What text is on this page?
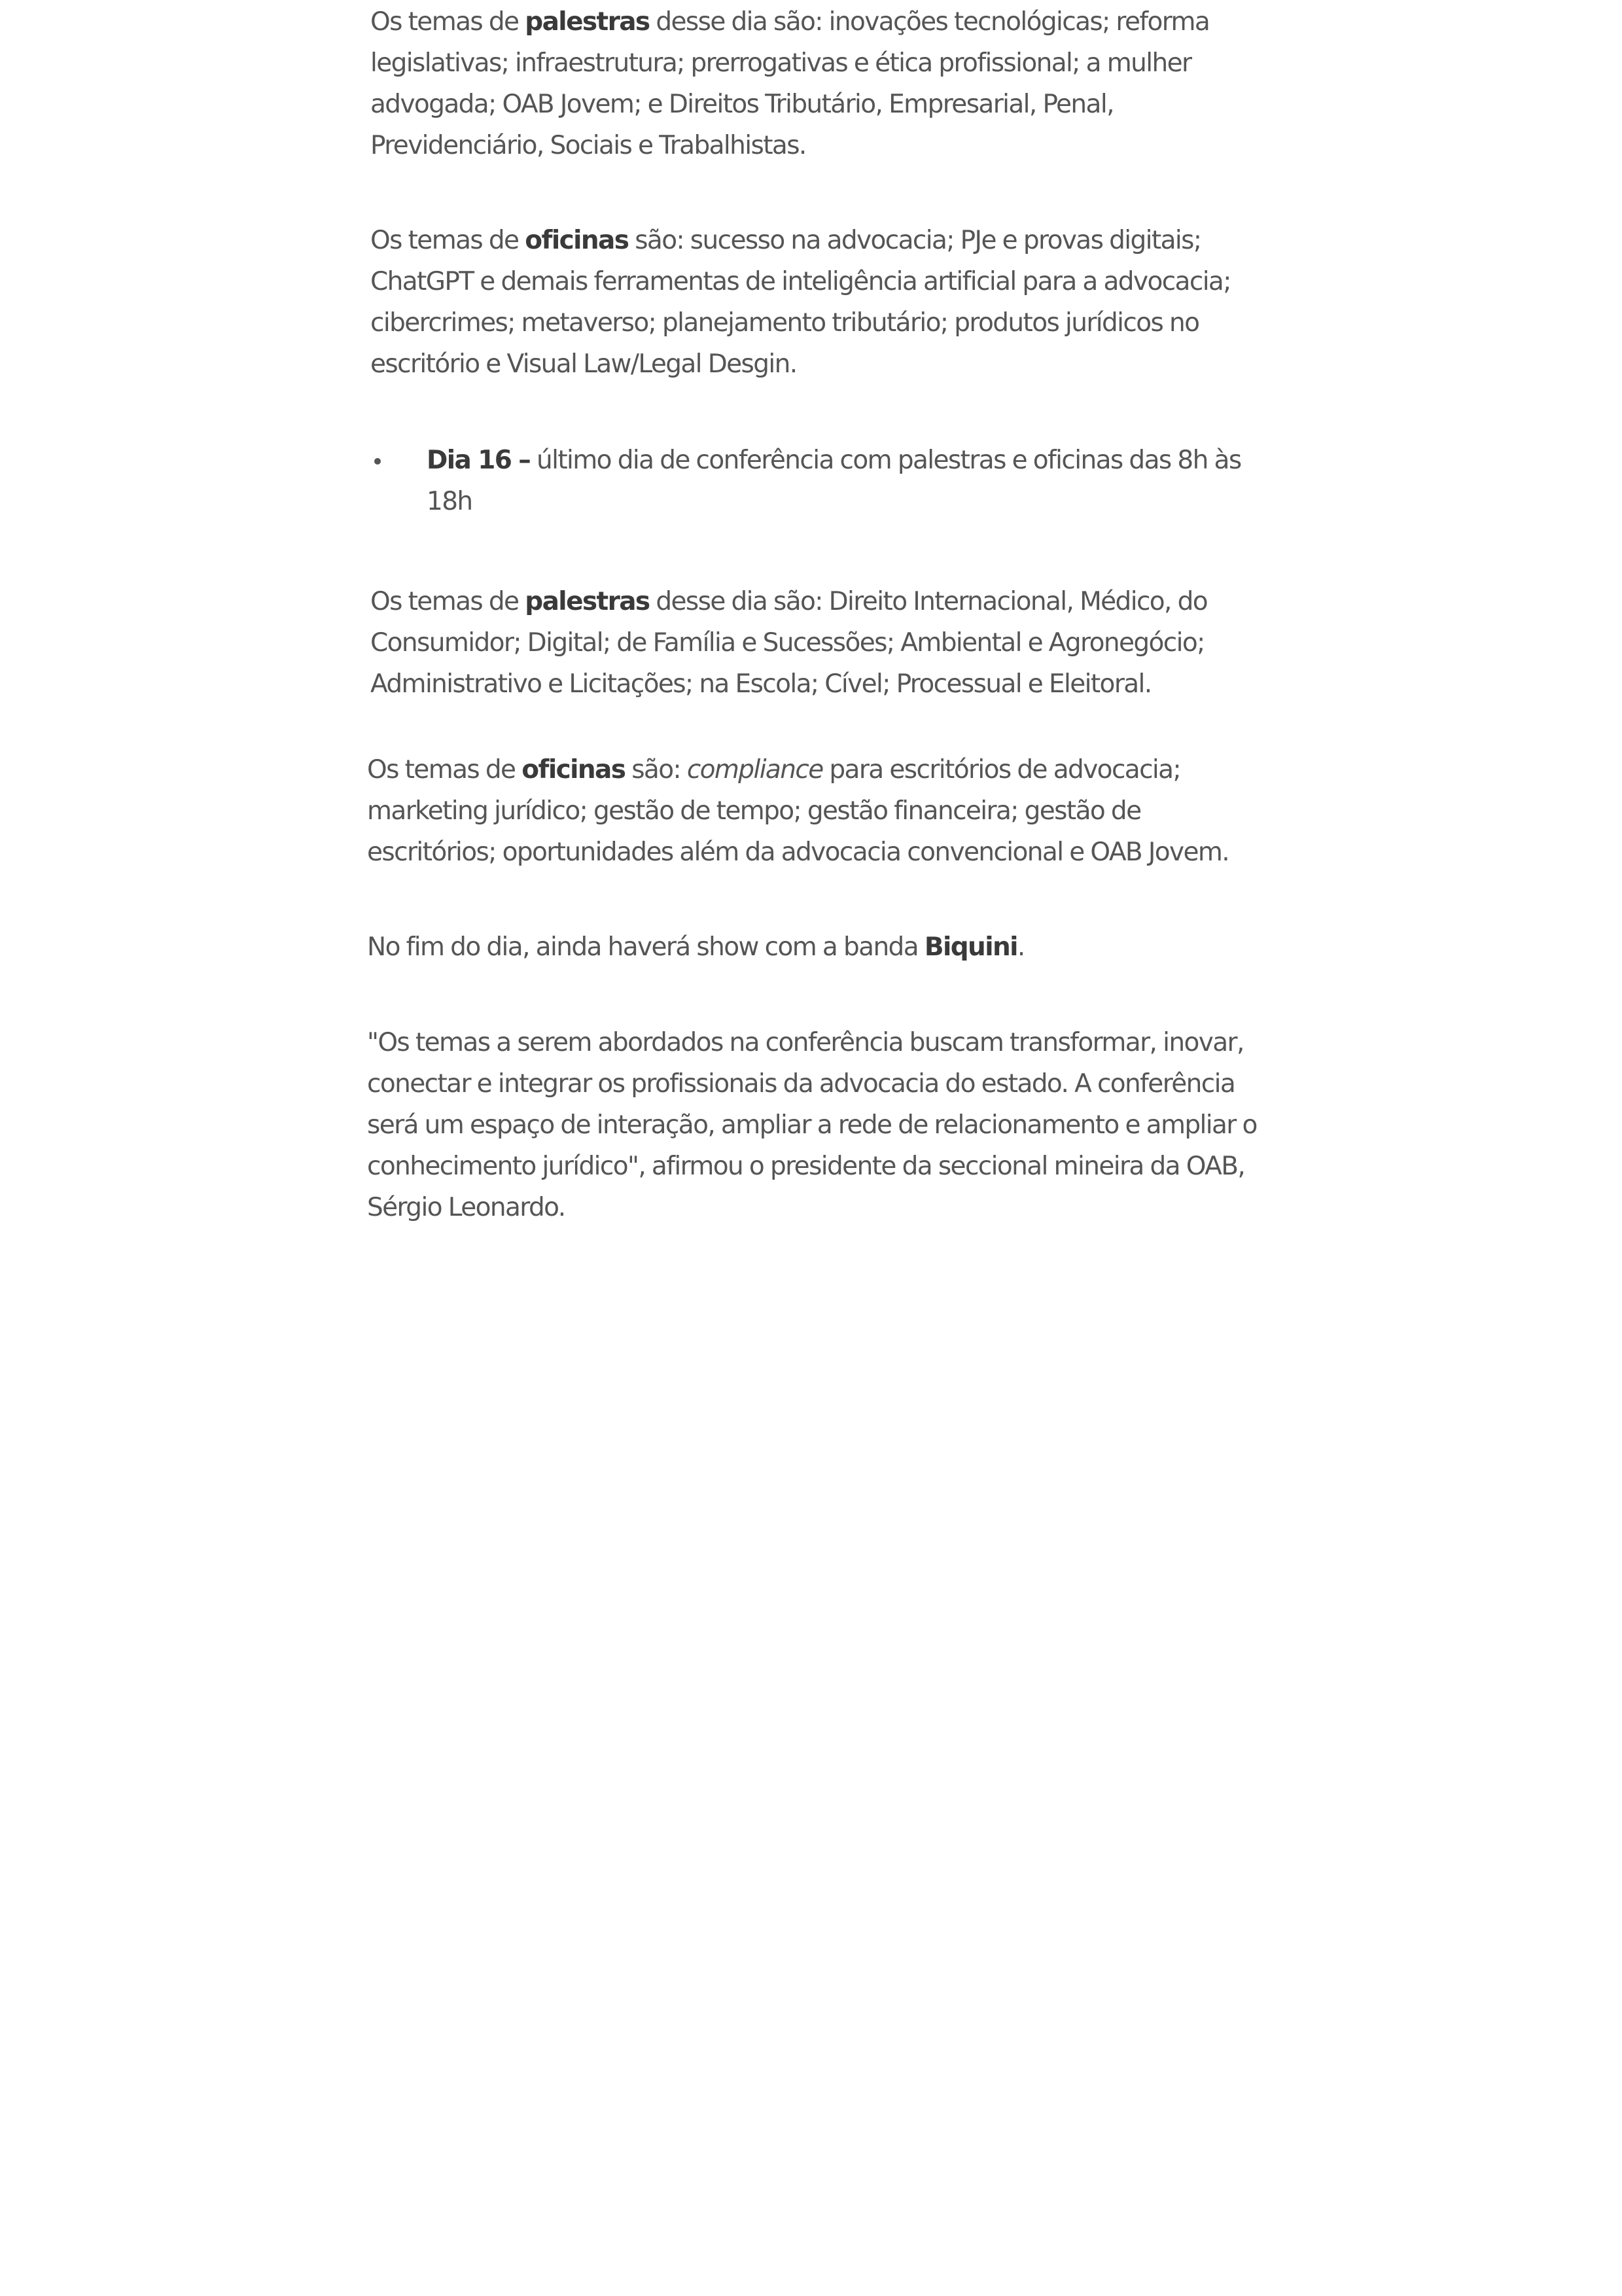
Os temas de palestras desse dia são: inovações tecnológicas; reforma legislativas; infraestrutura; prerrogativas e ética profissional; a mulher advogada; OAB Jovem; e Direitos Tributário, Empresarial, Penal, Previdenciário, Sociais e Trabalhistas.

Os temas de oficinas são: sucesso na advocacia; PJe e provas digitais; ChatGPT e demais ferramentas de inteligência artificial para a advocacia; cibercrimes; metaverso; planejamento tributário; produtos jurídicos no escritório e Visual Law/Legal Desgin.

Dia 16 – último dia de conferência com palestras e oficinas das 8h às 18h

Os temas de palestras desse dia são: Direito Internacional, Médico, do Consumidor; Digital; de Família e Sucessões; Ambiental e Agronegócio; Administrativo e Licitações; na Escola; Cível; Processual e Eleitoral.

Os temas de oficinas são: compliance para escritórios de advocacia; marketing jurídico; gestão de tempo; gestão financeira; gestão de escritórios; oportunidades além da advocacia convencional e OAB Jovem.

No fim do dia, ainda haverá show com a banda Biquini.

"Os temas a serem abordados na conferência buscam transformar, inovar, conectar e integrar os profissionais da advocacia do estado. A conferência será um espaço de interação, ampliar a rede de relacionamento e ampliar o conhecimento jurídico", afirmou o presidente da seccional mineira da OAB, Sérgio Leonardo.
